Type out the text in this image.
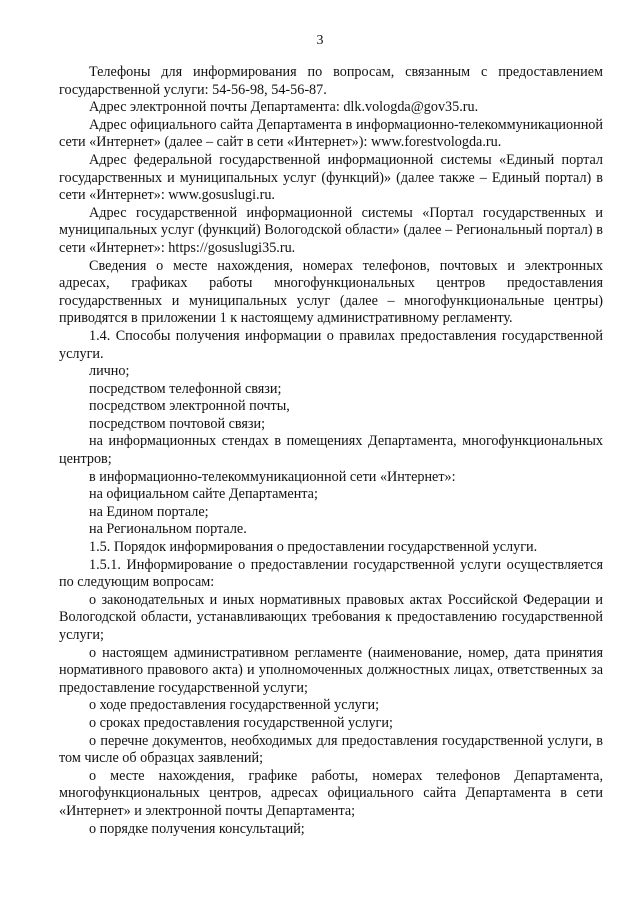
3

Телефоны для информирования по вопросам, связанным с предоставлением государственной услуги: 54-56-98, 54-56-87.

Адрес электронной почты Департамента: dlk.vologda@gov35.ru.

Адрес официального сайта Департамента в информационно-телекоммуникационной сети «Интернет» (далее – сайт в сети «Интернет»): www.forestvologda.ru.

Адрес федеральной государственной информационной системы «Единый портал государственных и муниципальных услуг (функций)» (далее также – Единый портал) в сети «Интернет»: www.gosuslugi.ru.

Адрес государственной информационной системы «Портал государственных и муниципальных услуг (функций) Вологодской области» (далее – Региональный портал) в сети «Интернет»: https://gosuslugi35.ru.

Сведения о месте нахождения, номерах телефонов, почтовых и электронных адресах, графиках работы многофункциональных центров предоставления государственных и муниципальных услуг (далее – многофункциональные центры) приводятся в приложении 1 к настоящему административному регламенту.

1.4. Способы получения информации о правилах предоставления государственной услуги.

лично;

посредством телефонной связи;

посредством электронной почты,

посредством почтовой связи;

на информационных стендах в помещениях Департамента, многофункциональных центров;

в информационно-телекоммуникационной сети «Интернет»:

на официальном сайте Департамента;

на Едином портале;

на Региональном портале.

1.5. Порядок информирования о предоставлении государственной услуги.

1.5.1. Информирование о предоставлении государственной услуги осуществляется по следующим вопросам:

о законодательных и иных нормативных правовых актах Российской Федерации и Вологодской области, устанавливающих требования к предоставлению государственной услуги;

о настоящем административном регламенте (наименование, номер, дата принятия нормативного правового акта) и уполномоченных должностных лицах, ответственных за предоставление государственной услуги;

о ходе предоставления государственной услуги;

о сроках предоставления государственной услуги;

о перечне документов, необходимых для предоставления государственной услуги, в том числе об образцах заявлений;

о месте нахождения, графике работы, номерах телефонов Департамента, многофункциональных центров, адресах официального сайта Департамента в сети «Интернет» и электронной почты Департамента;

о порядке получения консультаций;
